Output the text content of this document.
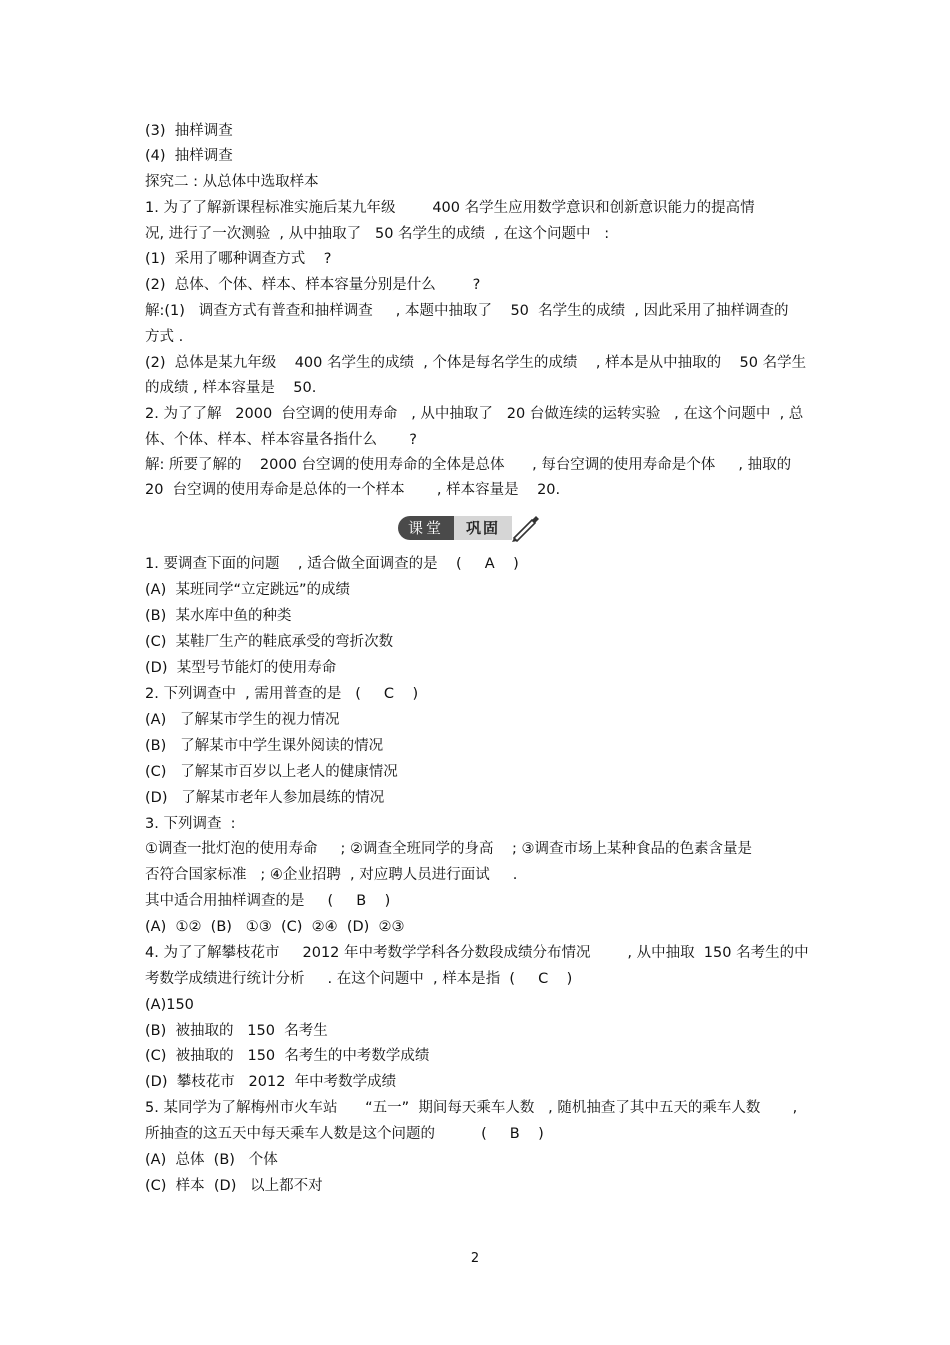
(3)  抽样调查
(4)  抽样调查
探究二 : 从总体中选取样本
1. 为了了解新课程标准实施后某九年级        400 名学生应用数学意识和创新意识能力的提高情
况, 进行了一次测验  , 从中抽取了   50 名学生的成绩  , 在这个问题中   :
(1)  采用了哪种调查方式    ?
(2)  总体、个体、样本、样本容量分别是什么        ?
解:(1)   调查方式有普查和抽样调查     , 本题中抽取了    50  名学生的成绩  , 因此采用了抽样调查的
方式 .
(2)  总体是某九年级    400 名学生的成绩  , 个体是每名学生的成绩    , 样本是从中抽取的    50 名学生
的成绩 , 样本容量是    50.
2. 为了了解   2000  台空调的使用寿命   , 从中抽取了   20 台做连续的运转实验   , 在这个问题中  , 总
体、个体、样本、样本容量各指什么       ?
解: 所要了解的    2000 台空调的使用寿命的全体是总体      , 每台空调的使用寿命是个体     , 抽取的
20  台空调的使用寿命是总体的一个样本       , 样本容量是    20.
课堂	巩固
1. 要调查下面的问题    , 适合做全面调查的是    (     A    )
(A)  某班同学“立定跳远”的成绩
(B)  某水库中鱼的种类
(C)  某鞋厂生产的鞋底承受的弯折次数
(D)  某型号节能灯的使用寿命
2. 下列调查中  , 需用普查的是   (     C    )
(A)   了解某市学生的视力情况
(B)   了解某市中学生课外阅读的情况
(C)   了解某市百岁以上老人的健康情况
(D)   了解某市老年人参加晨练的情况
3. 下列调查  :
①调查一批灯泡的使用寿命     ; ②调查全班同学的身高    ; ③调查市场上某种食品的色素含量是
否符合国家标准   ; ④企业招聘  , 对应聘人员进行面试     .
其中适合用抽样调查的是     (     B    )
(A)  ①②  (B)   ①③  (C)  ②④  (D)  ②③
4. 为了了解攀枝花市     2012 年中考数学学科各分数段成绩分布情况        , 从中抽取  150 名考生的中
考数学成绩进行统计分析     . 在这个问题中  , 样本是指  (     C    )
(A)150
(B)  被抽取的   150  名考生
(C)  被抽取的   150  名考生的中考数学成绩
(D)  攀枝花市   2012  年中考数学成绩
5. 某同学为了解梅州市火车站      “五一”  期间每天乘车人数   , 随机抽查了其中五天的乘车人数       ,
所抽查的这五天中每天乘车人数是这个问题的          (     B    )
(A)  总体  (B)   个体
(C)  样本  (D)   以上都不对
2
